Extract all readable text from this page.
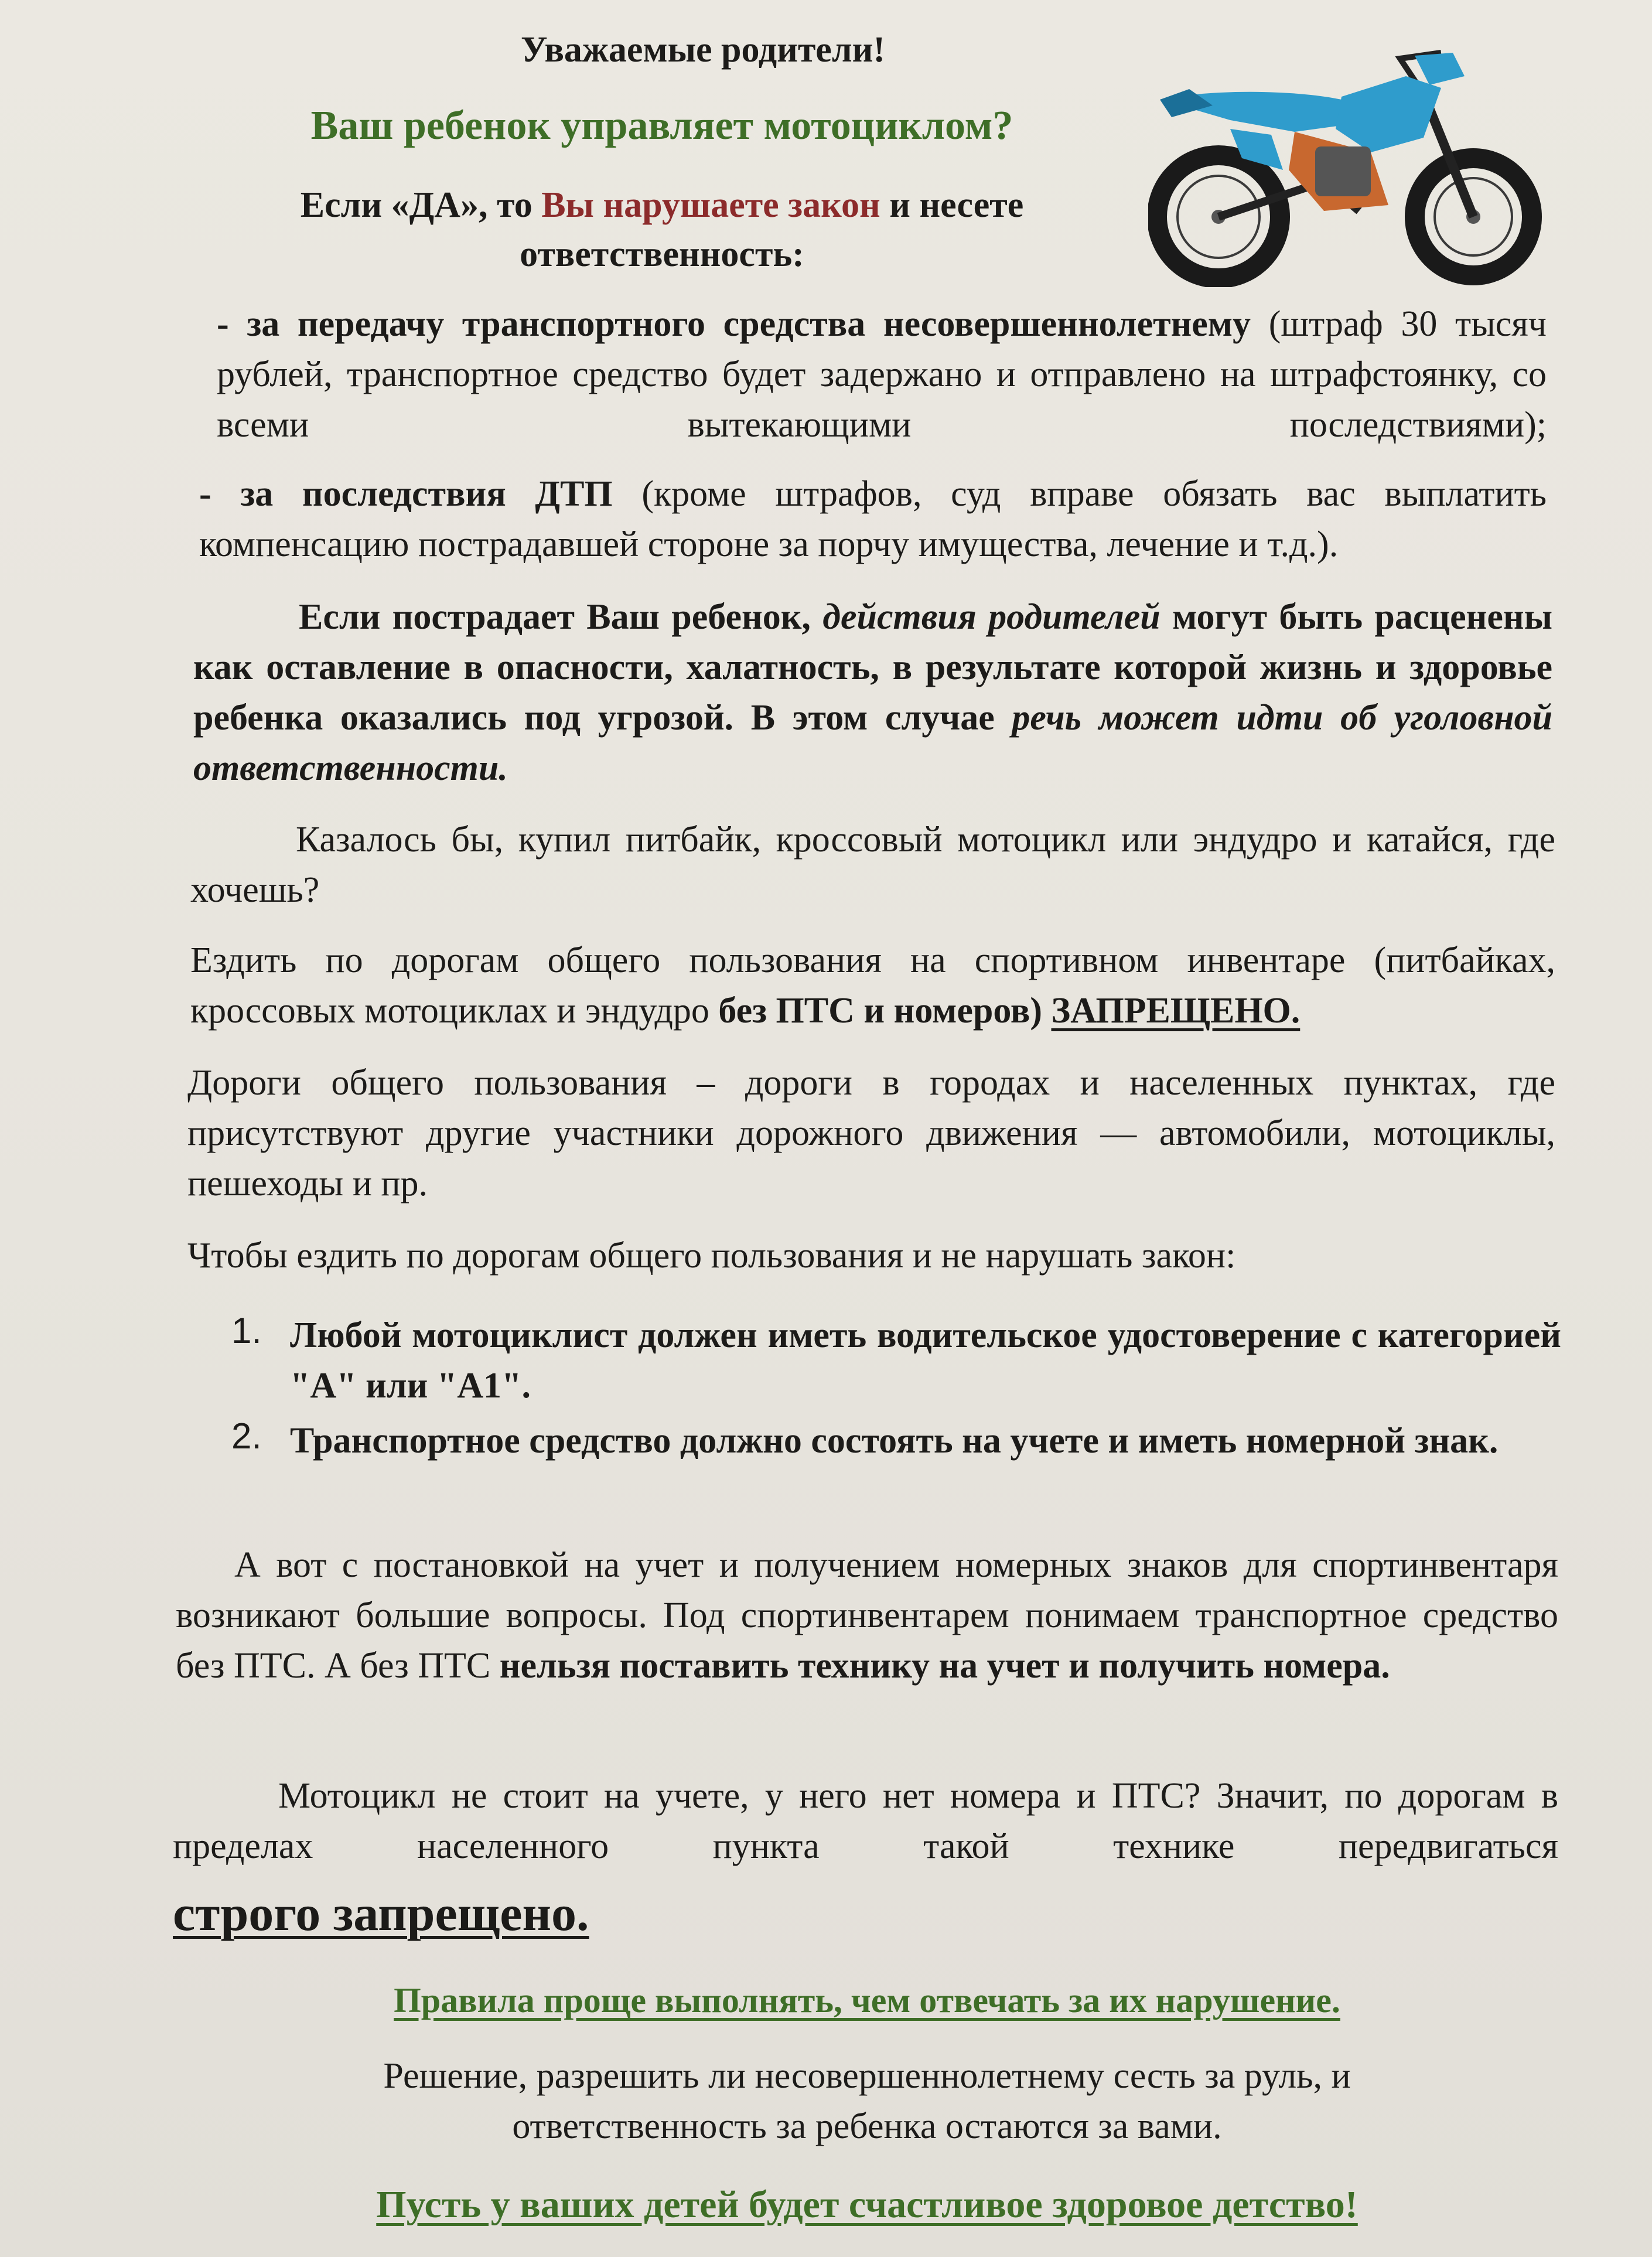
Уважаемые родители!
Ваш ребенок управляет мотоциклом?
Если «ДА», то Вы нарушаете закон и несете
ответственность:
- за передачу транспортного средства несовершеннолетнему (штраф 30 тысяч рублей, транспортное средство будет задержано и отправлено на штрафстоянку, со всеми вытекающими последствиями);
- за последствия ДТП (кроме штрафов, суд вправе обязать вас выплатить компенсацию пострадавшей стороне за порчу имущества, лечение и т.д.).
Если пострадает Ваш ребенок, действия родителей могут быть расценены как оставление в опасности, халатность, в результате которой жизнь и здоровье ребенка оказались под угрозой. В этом случае речь может идти об уголовной ответственности.
Казалось бы, купил питбайк, кроссовый мотоцикл или эндудро и катайся, где хочешь?
Ездить по дорогам общего пользования на спортивном инвентаре (питбайках, кроссовых мотоциклах и эндудро без ПТС и номеров) ЗАПРЕЩЕНО.
Дороги общего пользования – дороги в городах и населенных пунктах, где присутствуют другие участники дорожного движения — автомобили, мотоциклы, пешеходы и пр.
Чтобы ездить по дорогам общего пользования и не нарушать закон:
1. Любой мотоциклист должен иметь водительское удостоверение с категорией "А" или "А1".
2. Транспортное средство должно состоять на учете и иметь номерной знак.
А вот с постановкой на учет и получением номерных знаков для спортинвентаря возникают большие вопросы. Под спортинвентарем понимаем транспортное средство без ПТС. А без ПТС нельзя поставить технику на учет и получить номера.
Мотоцикл не стоит на учете, у него нет номера и ПТС? Значит, по дорогам в пределах населенного пункта такой технике передвигаться
строго запрещено.
Правила проще выполнять, чем отвечать за их нарушение.
Решение, разрешить ли несовершеннолетнему сесть за руль, и
ответственность за ребенка остаются за вами.
Пусть у ваших детей будет счастливое здоровое детство!
